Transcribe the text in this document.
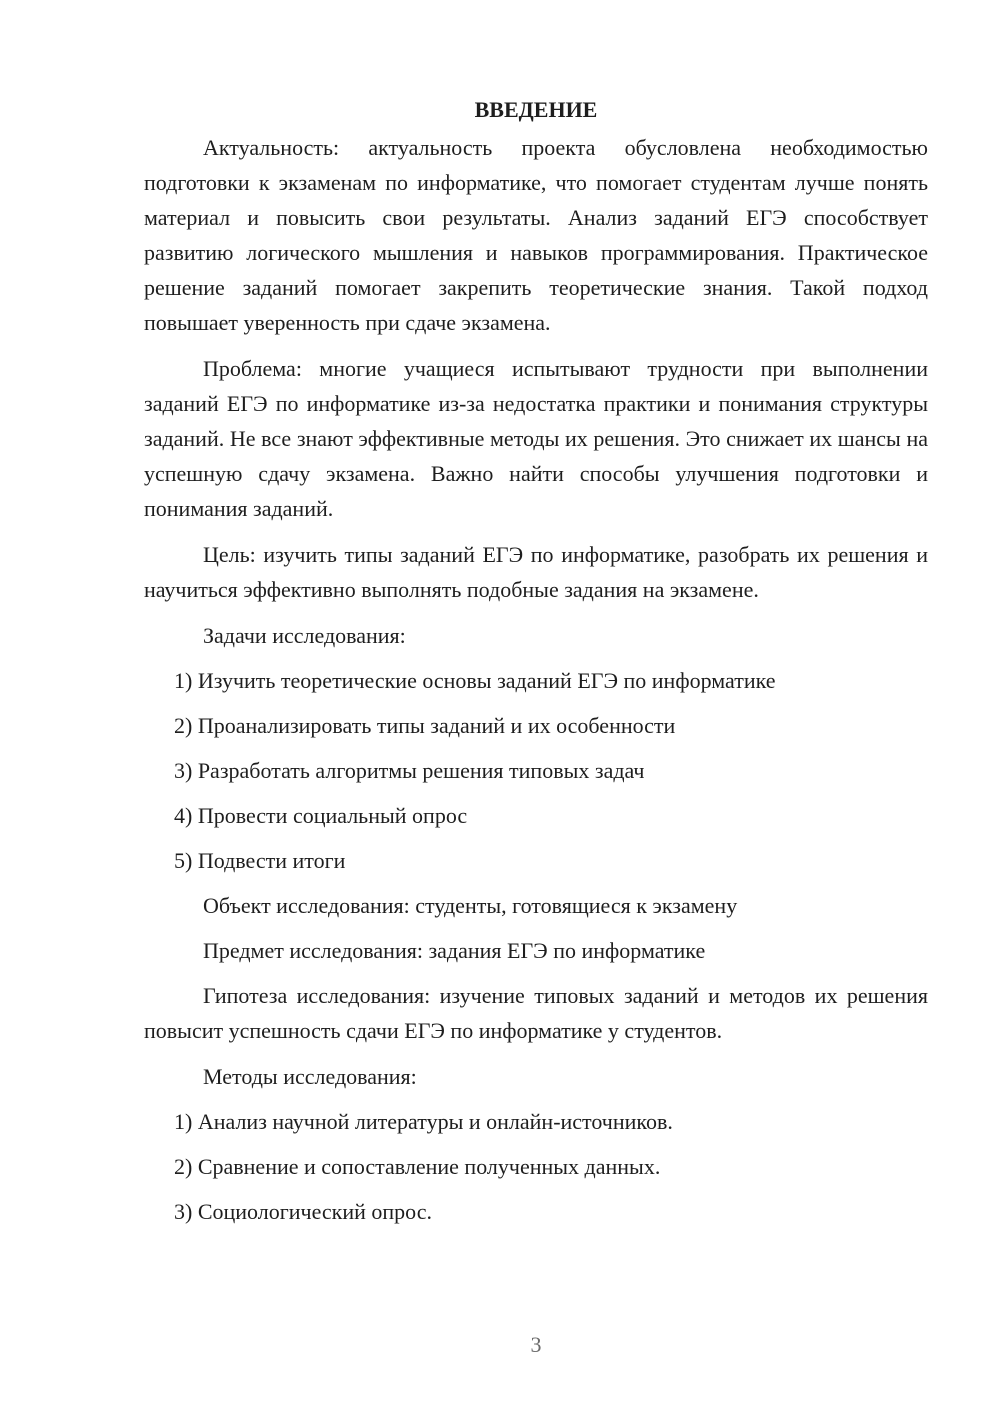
ВВЕДЕНИЕ

Актуальность: актуальность проекта обусловлена необходимостью подготовки к экзаменам по информатике, что помогает студентам лучше понять материал и повысить свои результаты. Анализ заданий ЕГЭ способствует развитию логического мышления и навыков программирования. Практическое решение заданий помогает закрепить теоретические знания. Такой подход повышает уверенность при сдаче экзамена.

Проблема: многие учащиеся испытывают трудности при выполнении заданий ЕГЭ по информатике из-за недостатка практики и понимания структуры заданий. Не все знают эффективные методы их решения. Это снижает их шансы на успешную сдачу экзамена. Важно найти способы улучшения подготовки и понимания заданий.

Цель: изучить типы заданий ЕГЭ по информатике, разобрать их решения и научиться эффективно выполнять подобные задания на экзамене.

Задачи исследования:

1) Изучить теоретические основы заданий ЕГЭ по информатике
2) Проанализировать типы заданий и их особенности
3) Разработать алгоритмы решения типовых задач
4) Провести социальный опрос
5) Подвести итоги

Объект исследования: студенты, готовящиеся к экзамену

Предмет исследования: задания ЕГЭ по информатике

Гипотеза исследования: изучение типовых заданий и методов их решения повысит успешность сдачи ЕГЭ по информатике у студентов.

Методы исследования:

1) Анализ научной литературы и онлайн-источников.
2) Сравнение и сопоставление полученных данных.
3) Социологический опрос.
3
